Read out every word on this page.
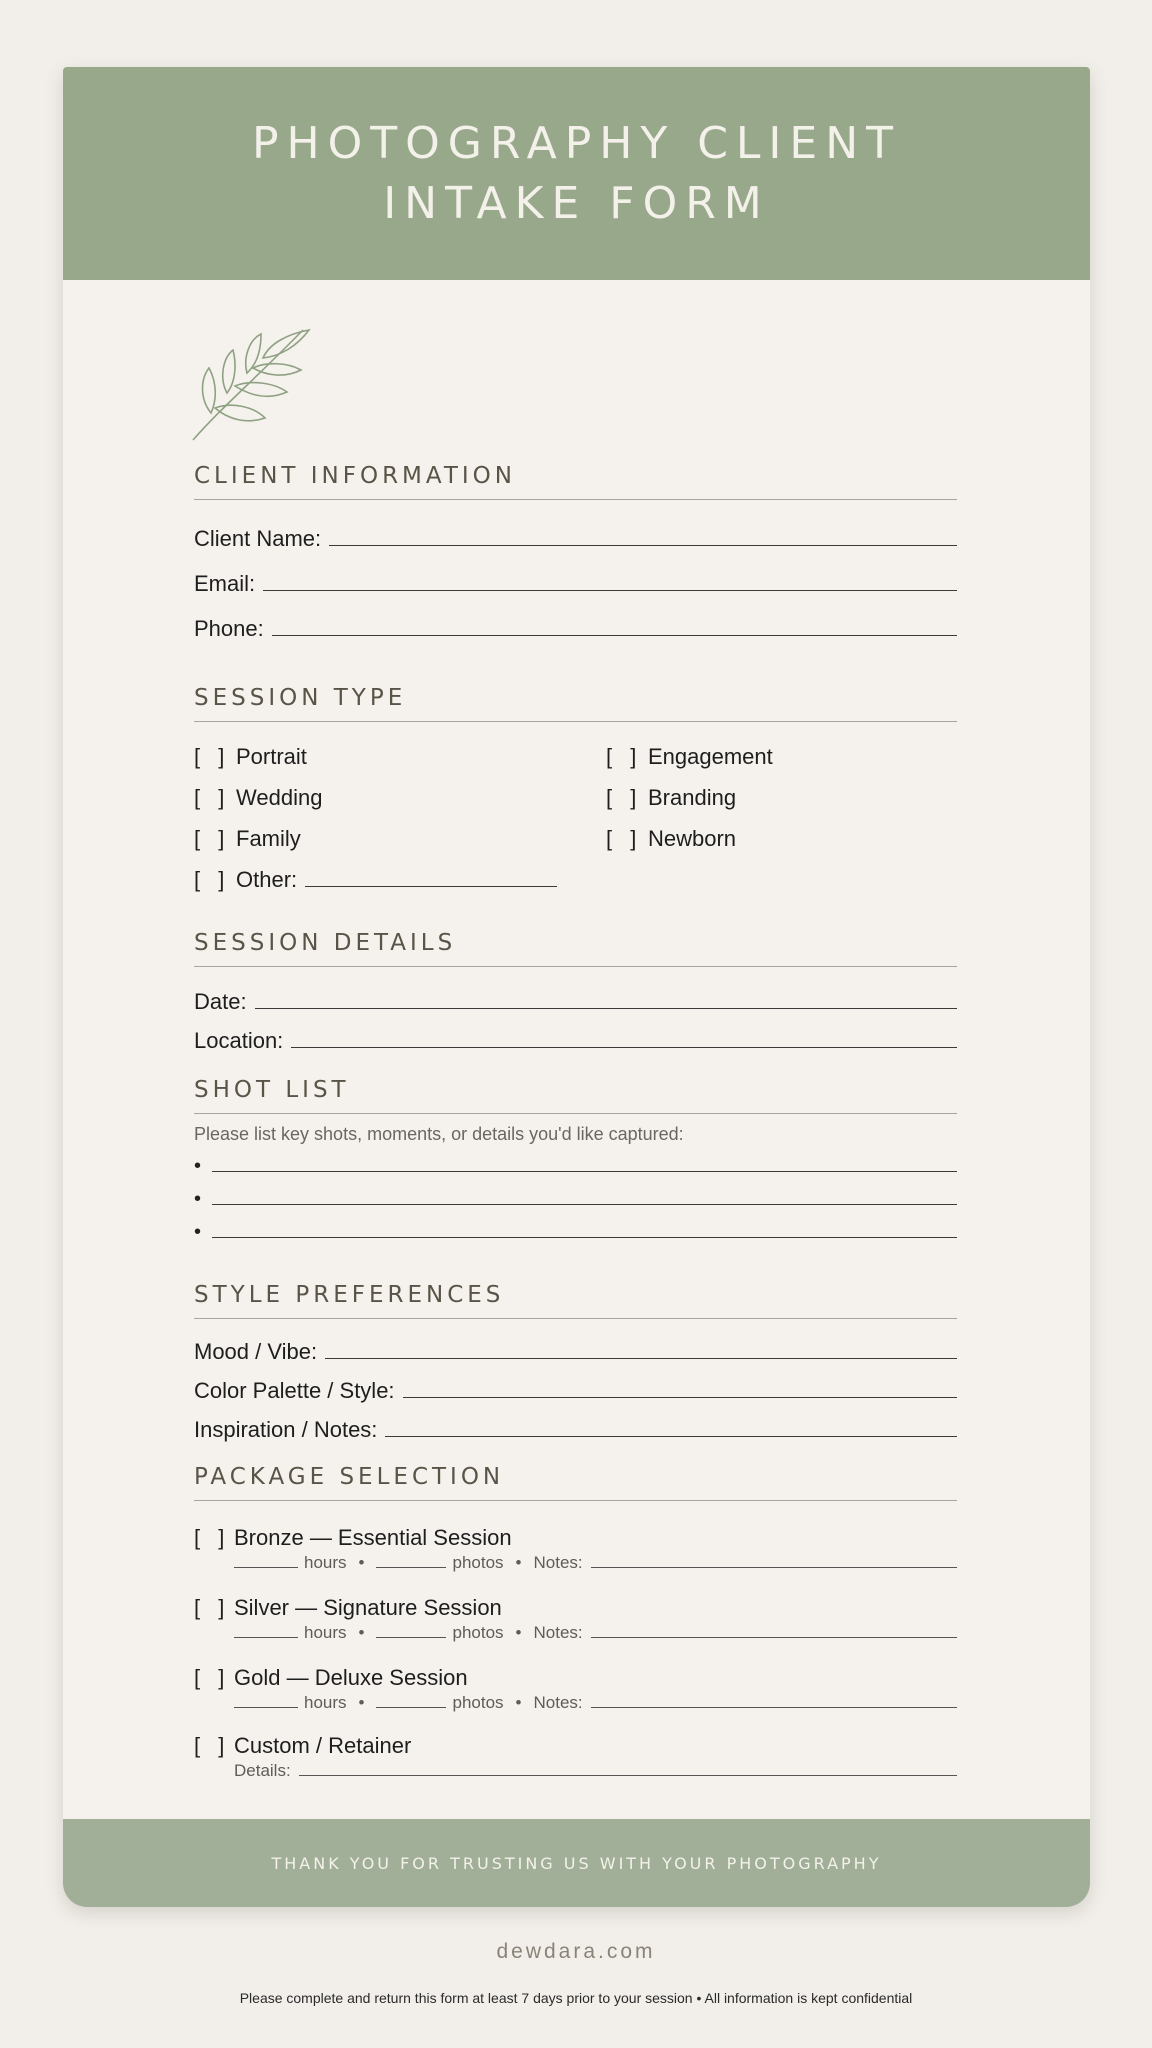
PHOTOGRAPHY CLIENT
INTAKE FORM
CLIENT INFORMATION
Client Name:
Email:
Phone:
SESSION TYPE
[ ] Portrait
[ ] Wedding
[ ] Family
[ ] Other:
[ ] Engagement
[ ] Branding
[ ] Newborn
SESSION DETAILS
Date:
Location:
SHOT LIST
Please list key shots, moments, or details you'd like captured:
•
•
•
STYLE PREFERENCES
Mood / Vibe:
Color Palette / Style:
Inspiration / Notes:
PACKAGE SELECTION
[ ] Bronze — Essential Session
hours •	photos • Notes:
[ ] Silver — Signature Session
hours •	photos • Notes:
[ ] Gold — Deluxe Session
hours •	photos • Notes:
[ ] Custom / Retainer
Details:
THANK YOU FOR TRUSTING US WITH YOUR PHOTOGRAPHY
dewdara.com
Please complete and return this form at least 7 days prior to your session • All information is kept confidential
